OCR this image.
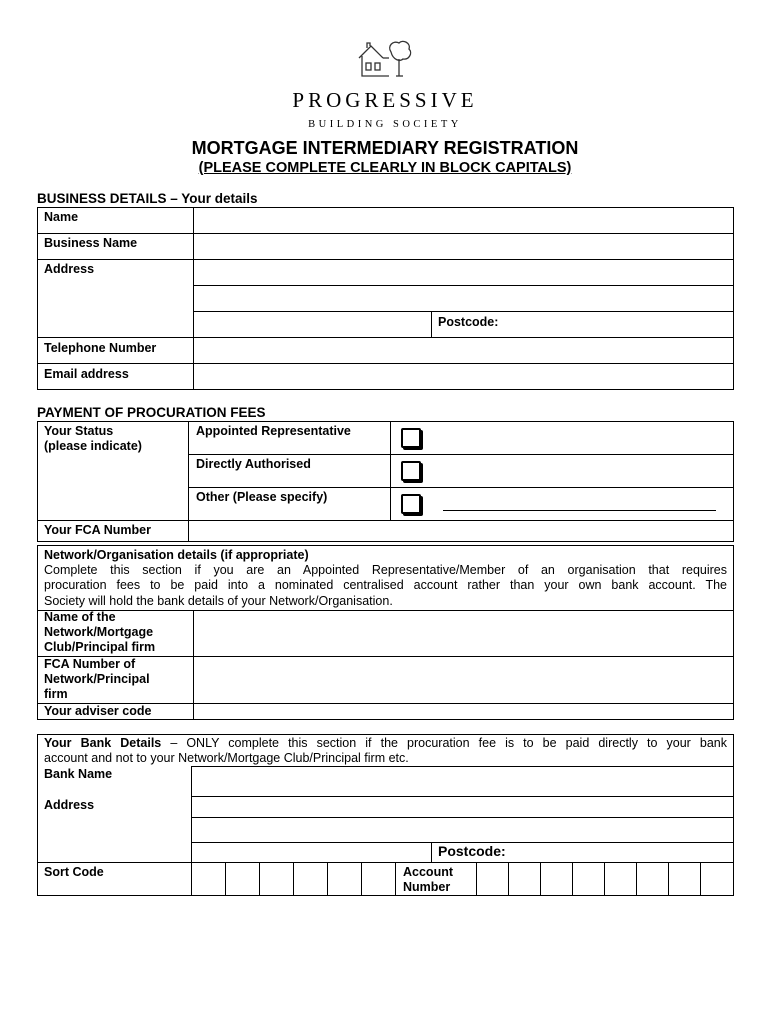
PROGRESSIVE
BUILDING SOCIETY
MORTGAGE INTERMEDIARY REGISTRATION
(PLEASE COMPLETE CLEARLY IN BLOCK CAPITALS)
BUSINESS DETAILS – Your details
Name
Business Name
Address
Postcode:
Telephone Number
Email address
PAYMENT OF PROCURATION FEES
Your Status
(please indicate)
Appointed Representative
Directly Authorised
Other (Please specify)
Your FCA Number
Network/Organisation details (if appropriate)
Complete this section if you are an Appointed Representative/Member of an organisation that requires
procuration fees to be paid into a nominated centralised account rather than your own bank account. The
Society will hold the bank details of your Network/Organisation.
Name of the
Network/Mortgage
Club/Principal firm
FCA Number of
Network/Principal
firm
Your adviser code
Your Bank Details – ONLY complete this section if the procuration fee is to be paid directly to your bank
account and not to your Network/Mortgage Club/Principal firm etc.
Bank Name
Address
Postcode:
Sort Code	Account
Number
